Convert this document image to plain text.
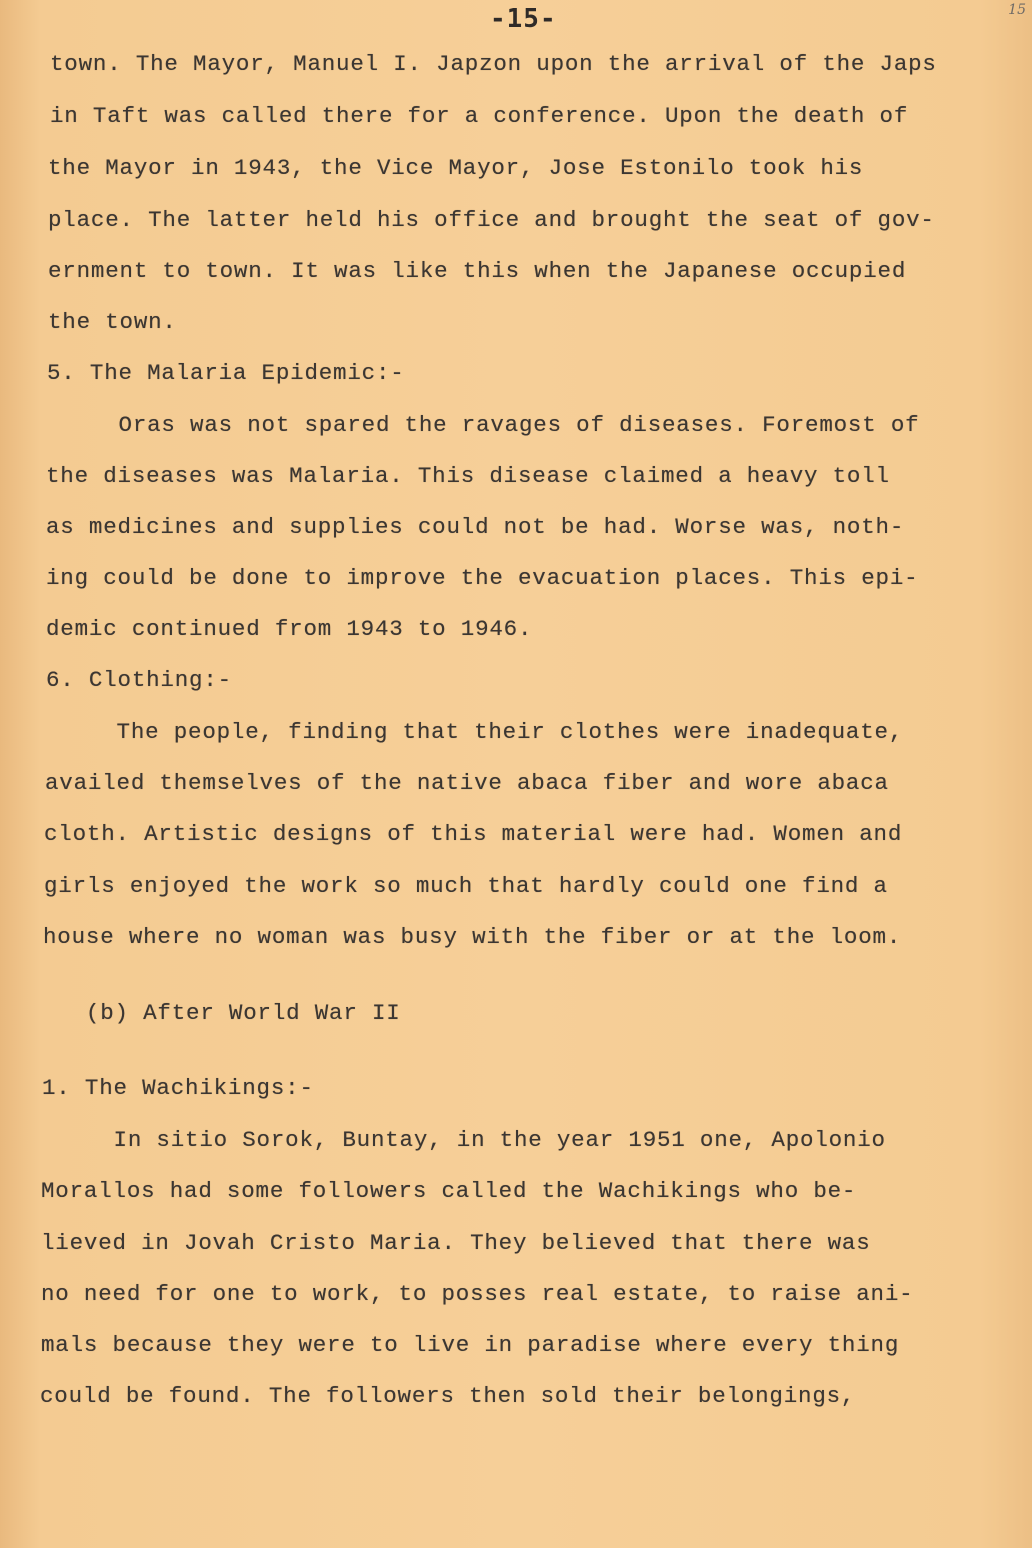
-15-	15
town. The Mayor, Manuel I. Japzon upon the arrival of the Japs
in Taft was called there for a conference. Upon the death of
the Mayor in 1943, the Vice Mayor, Jose Estonilo took his
place. The latter held his office and brought the seat of gov-
ernment to town. It was like this when the Japanese occupied
the town.
5. The Malaria Epidemic:-
Oras was not spared the ravages of diseases. Foremost of
the diseases was Malaria. This disease claimed a heavy toll
as medicines and supplies could not be had. Worse was, noth-
ing could be done to improve the evacuation places. This epi-
demic continued from 1943 to 1946.
6. Clothing:-
The people, finding that their clothes were inadequate,
availed themselves of the native abaca fiber and wore abaca
cloth. Artistic designs of this material were had. Women and
girls enjoyed the work so much that hardly could one find a
house where no woman was busy with the fiber or at the loom.
(b) After World War II
1. The Wachikings:-
In sitio Sorok, Buntay, in the year 1951 one, Apolonio
Morallos had some followers called the Wachikings who be-
lieved in Jovah Cristo Maria. They believed that there was
no need for one to work, to posses real estate, to raise ani-
mals because they were to live in paradise where every thing
could be found. The followers then sold their belongings,
